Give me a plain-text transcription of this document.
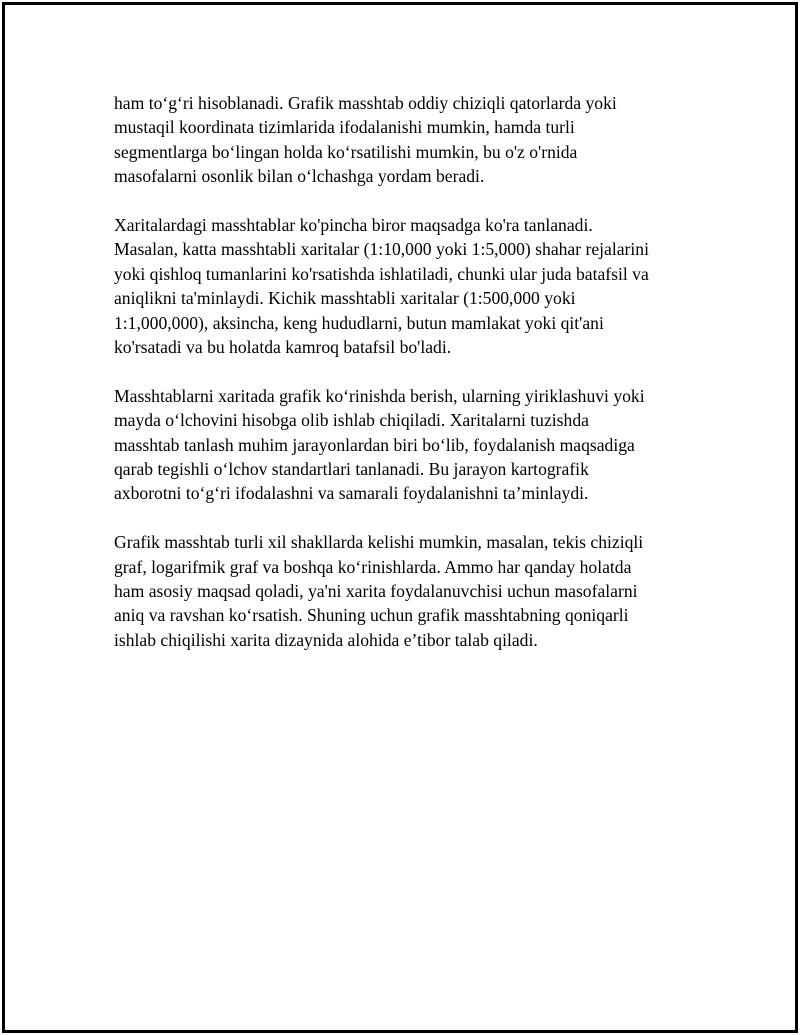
ham to‘g‘ri hisoblanadi. Grafik masshtab oddiy chiziqli qatorlarda yoki
mustaqil koordinata tizimlarida ifodalanishi mumkin, hamda turli
segmentlarga bo‘lingan holda ko‘rsatilishi mumkin, bu o'z o'rnida
masofalarni osonlik bilan o‘lchashga yordam beradi.

Xaritalardagi masshtablar ko'pincha biror maqsadga ko'ra tanlanadi.
Masalan, katta masshtabli xaritalar (1:10,000 yoki 1:5,000) shahar rejalarini
yoki qishloq tumanlarini ko'rsatishda ishlatiladi, chunki ular juda batafsil va
aniqlikni ta'minlaydi. Kichik masshtabli xaritalar (1:500,000 yoki
1:1,000,000), aksincha, keng hududlarni, butun mamlakat yoki qit'ani
ko'rsatadi va bu holatda kamroq batafsil bo'ladi.

Masshtablarni xaritada grafik ko‘rinishda berish, ularning yiriklashuvi yoki
mayda o‘lchovini hisobga olib ishlab chiqiladi. Xaritalarni tuzishda
masshtab tanlash muhim jarayonlardan biri bo‘lib, foydalanish maqsadiga
qarab tegishli o‘lchov standartlari tanlanadi. Bu jarayon kartografik
axborotni to‘g‘ri ifodalashni va samarali foydalanishni ta’minlaydi.

Grafik masshtab turli xil shakllarda kelishi mumkin, masalan, tekis chiziqli
graf, logarifmik graf va boshqa ko‘rinishlarda. Ammo har qanday holatda
ham asosiy maqsad qoladi, ya'ni xarita foydalanuvchisi uchun masofalarni
aniq va ravshan ko‘rsatish. Shuning uchun grafik masshtabning qoniqarli
ishlab chiqilishi xarita dizaynida alohida e’tibor talab qiladi.
